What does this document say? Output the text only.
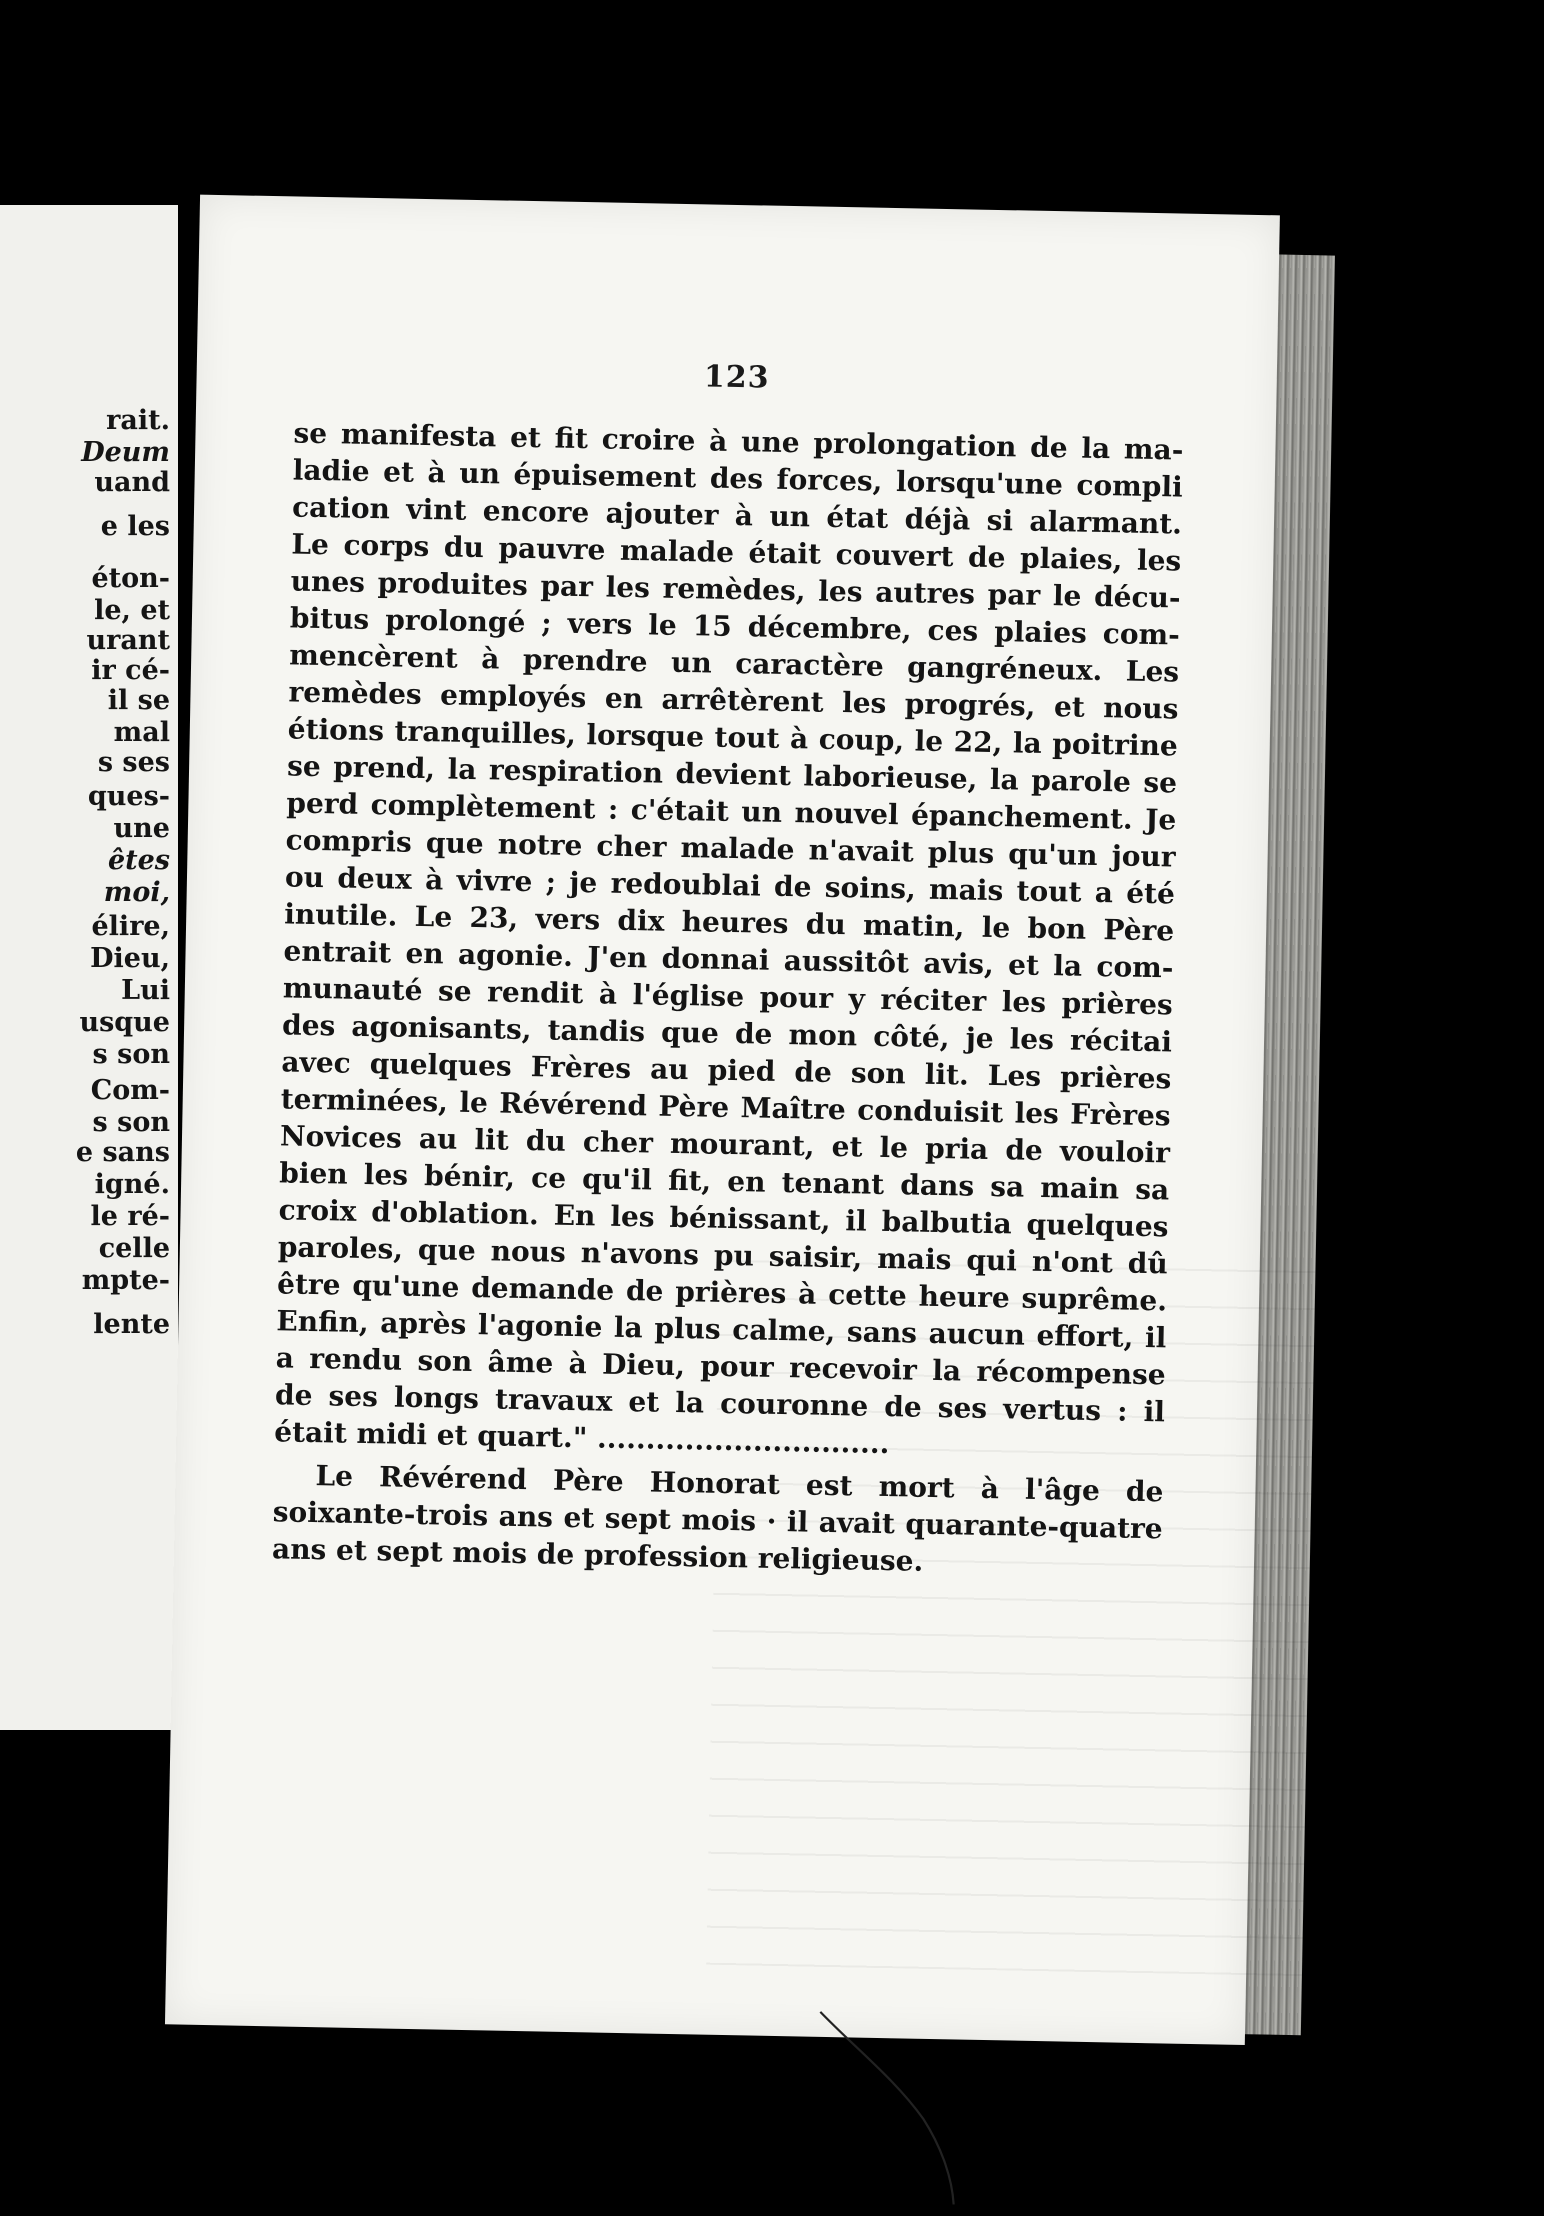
rait.
Deum
uand
e les
éton-
le, et
urant
ir cé-
il se
mal
s ses
ques-
une
êtes
moi,
élire,
Dieu,
Lui
usque
s son
Com-
s son
e sans
igné.
le ré-
celle
mpte-
lente
123
se manifesta et fit croire à une prolongation de la ma-
ladie et à un épuisement des forces, lorsqu'une compli
cation vint encore ajouter à un état déjà si alarmant.
Le corps du pauvre malade était couvert de plaies, les
unes produites par les remèdes, les autres par le décu-
bitus prolongé ; vers le 15 décembre, ces plaies com-
mencèrent à prendre un caractère gangréneux. Les
remèdes employés en arrêtèrent les progrés, et nous
étions tranquilles, lorsque tout à coup, le 22, la poitrine
se prend, la respiration devient laborieuse, la parole se
perd complètement : c'était un nouvel épanchement. Je
compris que notre cher malade n'avait plus qu'un jour
ou deux à vivre ; je redoublai de soins, mais tout a été
inutile. Le 23, vers dix heures du matin, le bon Père
entrait en agonie. J'en donnai aussitôt avis, et la com-
munauté se rendit à l'église pour y réciter les prières
des agonisants, tandis que de mon côté, je les récitai
avec quelques Frères au pied de son lit. Les prières
terminées, le Révérend Père Maître conduisit les Frères
Novices au lit du cher mourant, et le pria de vouloir
bien les bénir, ce qu'il fit, en tenant dans sa main sa
croix d'oblation. En les bénissant, il balbutia quelques
paroles, que nous n'avons pu saisir, mais qui n'ont dû
être qu'une demande de prières à cette heure suprême.
Enfin, après l'agonie la plus calme, sans aucun effort, il
a rendu son âme à Dieu, pour recevoir la récompense
de ses longs travaux et la couronne de ses vertus : il
était midi et quart." ..............................
Le Révérend Père Honorat est mort à l'âge de
soixante-trois ans et sept mois · il avait quarante-quatre
ans et sept mois de profession religieuse.
